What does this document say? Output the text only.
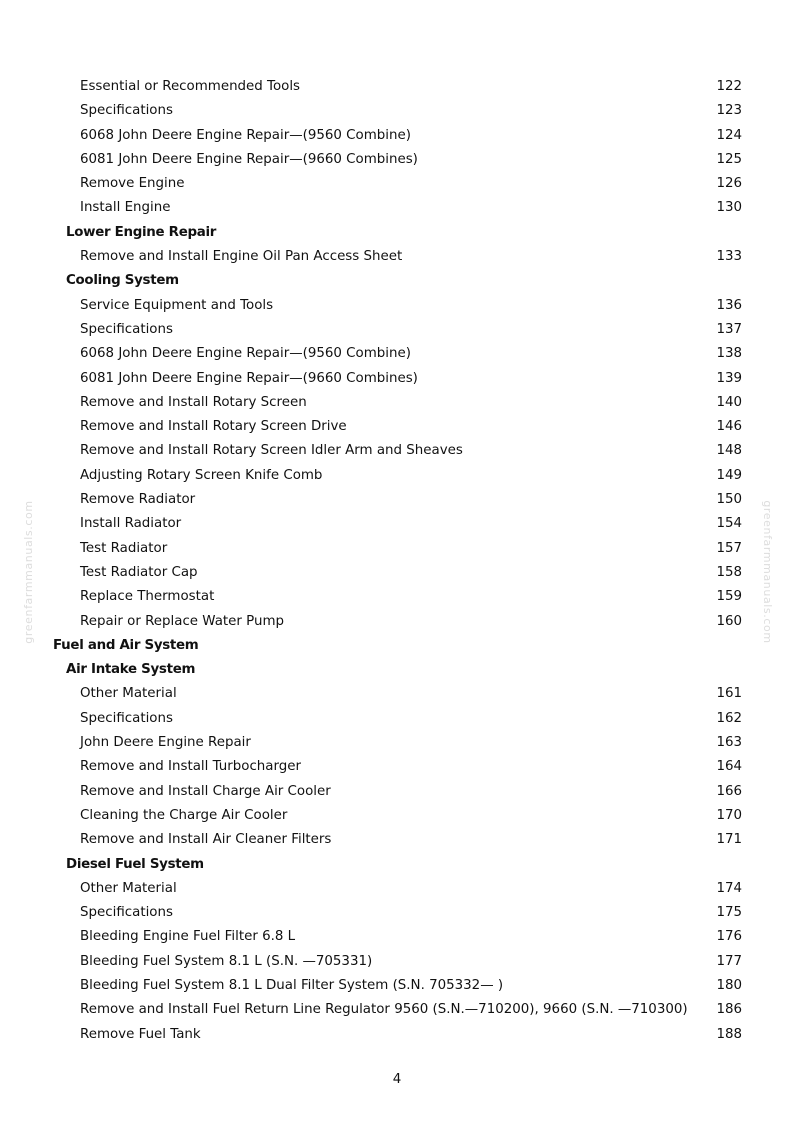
greenfarmmanuals.com	greenfarmmanuals.com
Essential or Recommended Tools	122
Specifications	123
6068 John Deere Engine Repair—(9560 Combine)	124
6081 John Deere Engine Repair—(9660 Combines)	125
Remove Engine	126
Install Engine	130
Lower Engine Repair
Remove and Install Engine Oil Pan Access Sheet	133
Cooling System
Service Equipment and Tools	136
Specifications	137
6068 John Deere Engine Repair—(9560 Combine)	138
6081 John Deere Engine Repair—(9660 Combines)	139
Remove and Install Rotary Screen	140
Remove and Install Rotary Screen Drive	146
Remove and Install Rotary Screen Idler Arm and Sheaves	148
Adjusting Rotary Screen Knife Comb	149
Remove Radiator	150
Install Radiator	154
Test Radiator	157
Test Radiator Cap	158
Replace Thermostat	159
Repair or Replace Water Pump	160
Fuel and Air System
Air Intake System
Other Material	161
Specifications	162
John Deere Engine Repair	163
Remove and Install Turbocharger	164
Remove and Install Charge Air Cooler	166
Cleaning the Charge Air Cooler	170
Remove and Install Air Cleaner Filters	171
Diesel Fuel System
Other Material	174
Specifications	175
Bleeding Engine Fuel Filter 6.8 L	176
Bleeding Fuel System 8.1 L (S.N. —705331)	177
Bleeding Fuel System 8.1 L Dual Filter System (S.N. 705332— )	180
Remove and Install Fuel Return Line Regulator 9560 (S.N.—710200), 9660 (S.N. —710300) 186
Remove Fuel Tank	188
4
